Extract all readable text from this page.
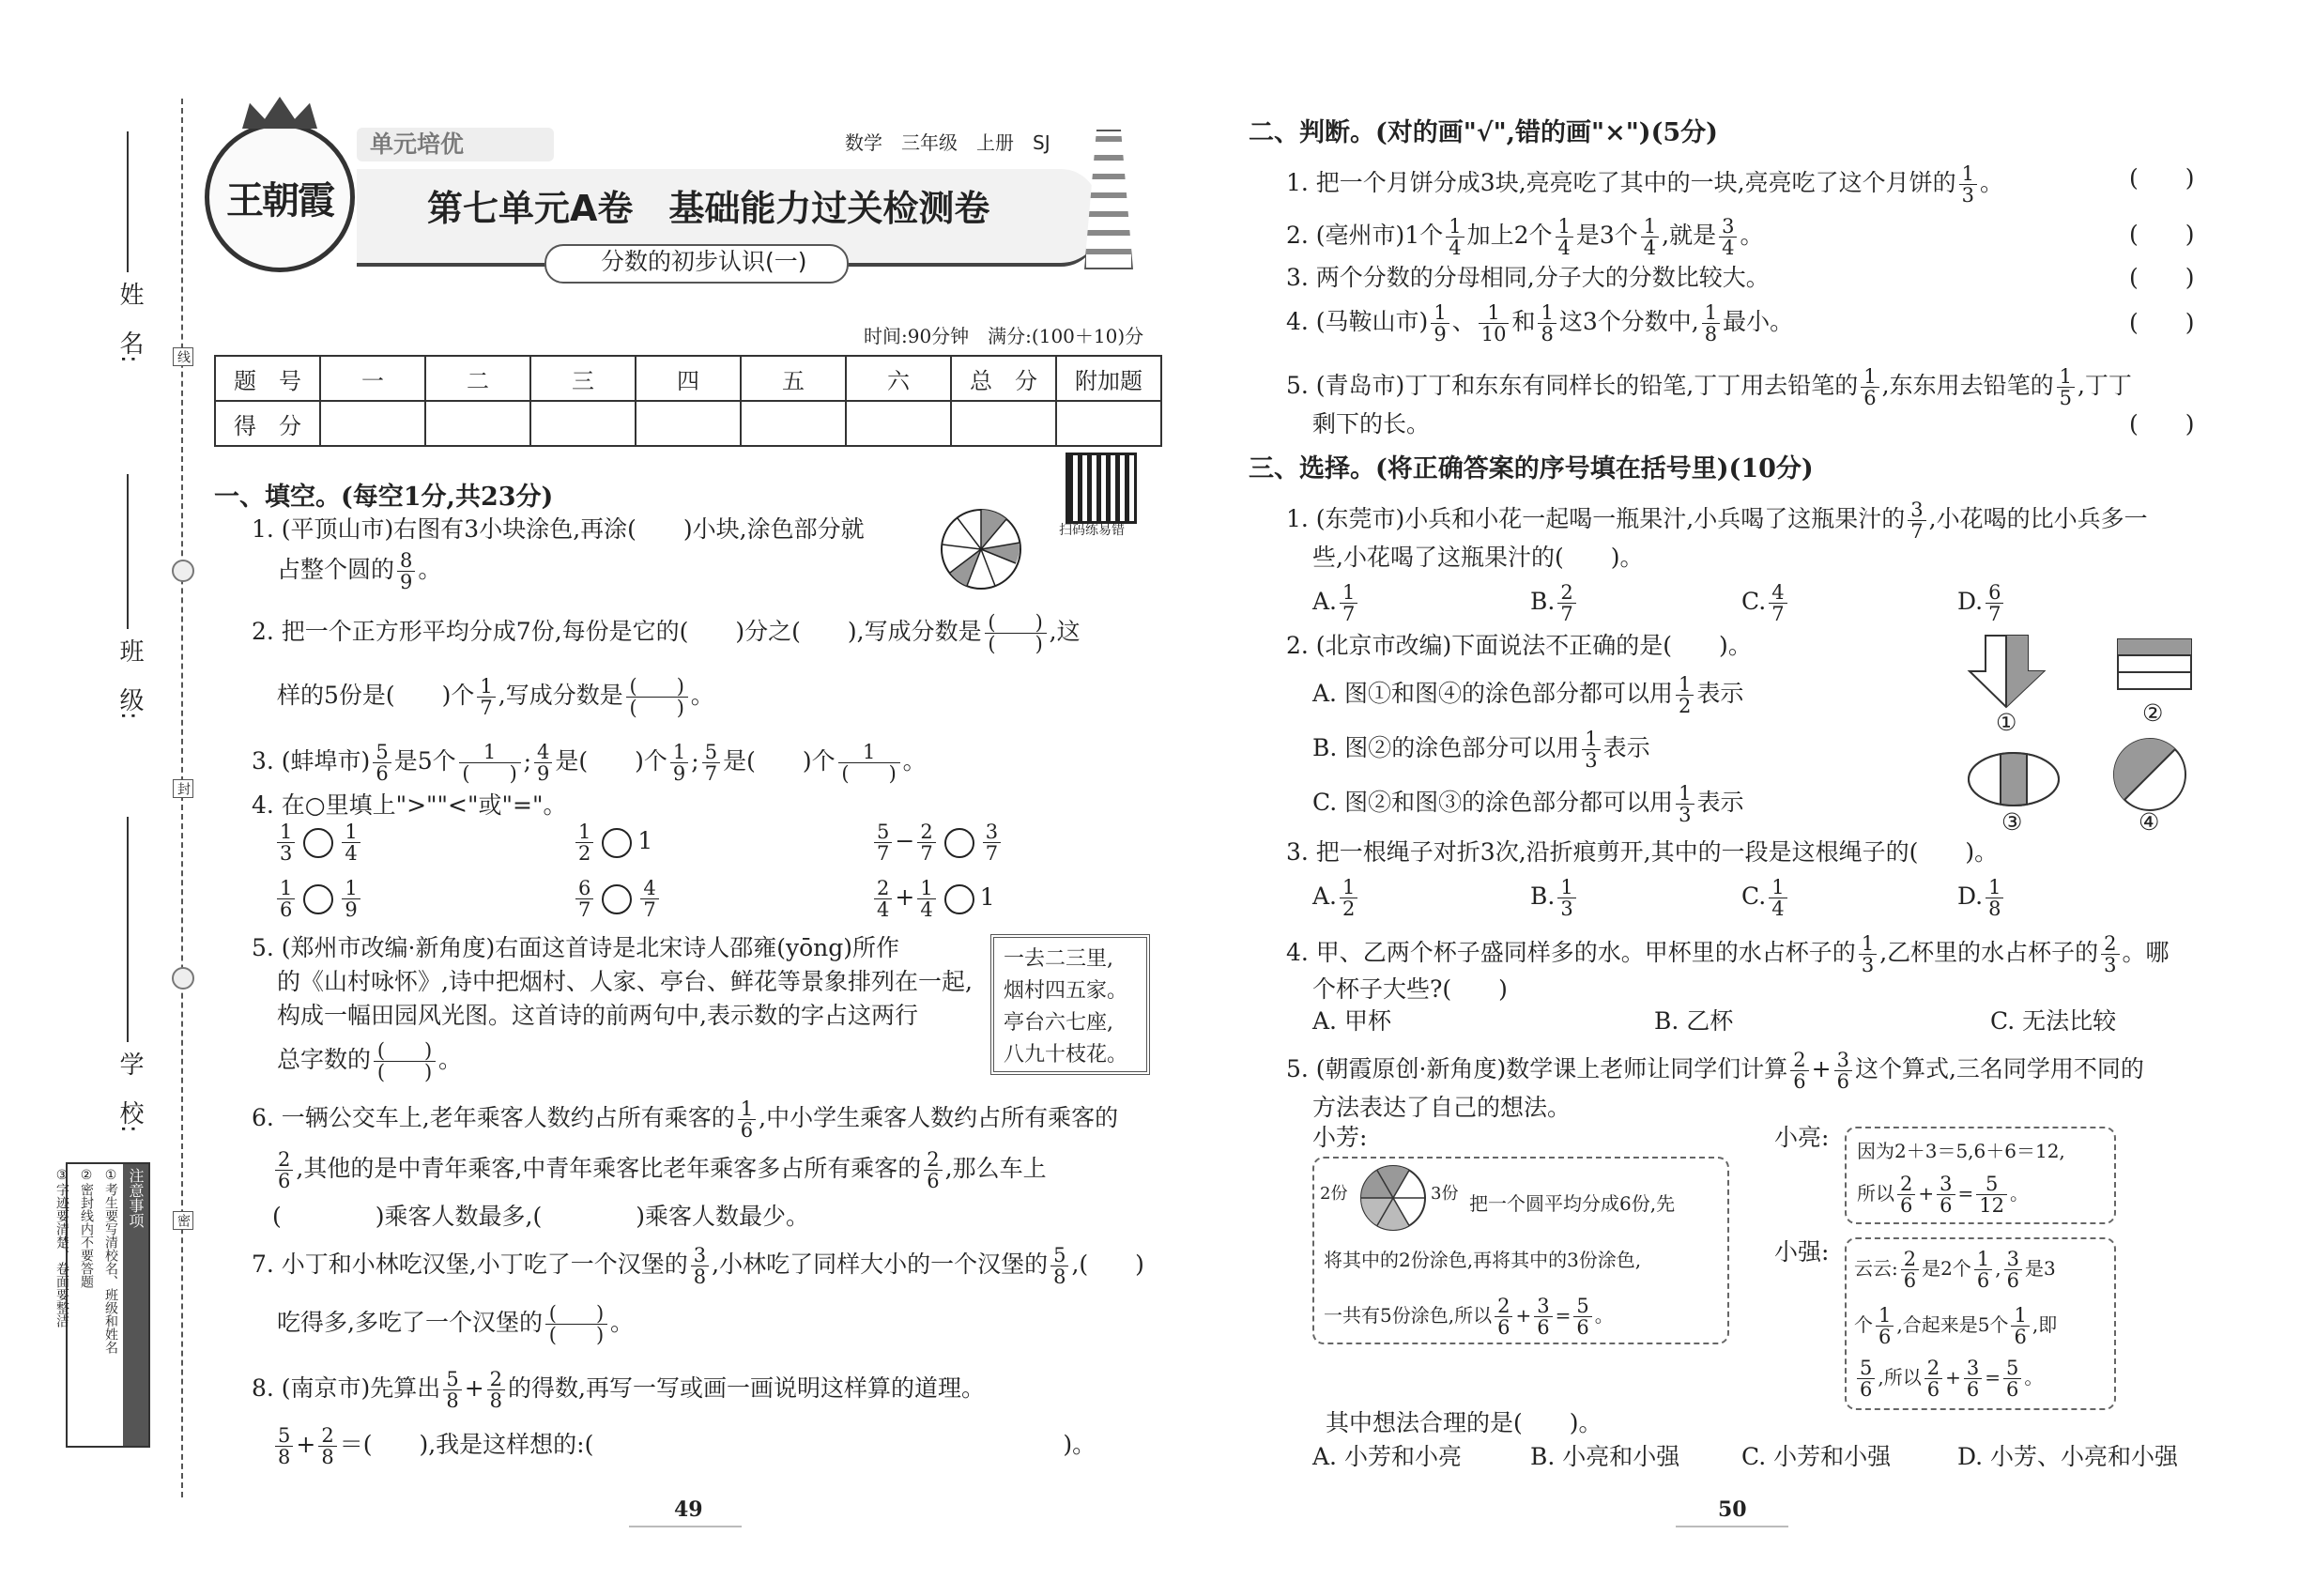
姓　名:
班　级:
学　校:
线
封
密
注意事项
①考生要写清校名、班级和姓名
②密封线内不要答题
③字迹要清楚、卷面要整洁
王朝霞
单元培优	数学　三年级　上册　SJ
第七单元A卷　基础能力过关检测卷
分数的初步认识(一)
时间:90分钟　满分:(100＋10)分
题　号	一	二	三	四	五	六	总　分	附加题
得　分								
扫码练易错
一、填空。(每空1分,共23分)
1. (平顶山市)右图有3小块涂色,再涂(　　)小块,涂色部分就
占整个圆的 $\frac{8}{9}$ 。
2. 把一个正方形平均分成7份,每份是它的(　　)分之(　　),写成分数是 $\frac{( )}{( )}$ ,这
样的5份是(　　)个 $\frac{1}{7}$ ,写成分数是 $\frac{( )}{( )}$ 。
3. (蚌埠市) $\frac{5}{6}$ 是5个 $\frac{1}{( )}$ ; $\frac{4}{9}$ 是(　　)个 $\frac{1}{9}$ ; $\frac{5}{7}$ 是(　　)个 $\frac{1}{( )}$ 。
4. 在○里填上">""<"或"="。
$\frac{1}{3} \frac{1}{4}$	$\frac{1}{2} 1$	$\frac{5}{7} - \frac{2}{7} \frac{3}{7}$
$\frac{1}{6} \frac{1}{9}$	$\frac{6}{7} \frac{4}{7}$	$\frac{2}{4} + \frac{1}{4} 1$
5. (郑州市改编·新角度)右面这首诗是北宋诗人邵雍(yōng)所作
的《山村咏怀》,诗中把烟村、人家、亭台、鲜花等景象排列在一起,
构成一幅田园风光图。这首诗的前两句中,表示数的字占这两行
总字数的 $\frac{( )}{( )}$ 。
一去二三里,
烟村四五家。
亭台六七座,
八九十枝花。
6. 一辆公交车上,老年乘客人数约占所有乘客的 $\frac{1}{6}$ ,中小学生乘客人数约占所有乘客的
$\frac{2}{6}$ ,其他的是中青年乘客,中青年乘客比老年乘客多占所有乘客的 $\frac{2}{6}$ ,那么车上
(　　　　)乘客人数最多,(　　　　)乘客人数最少。
7. 小丁和小林吃汉堡,小丁吃了一个汉堡的 $\frac{3}{8}$ ,小林吃了同样大小的一个汉堡的 $\frac{5}{8}$ ,(　　)
吃得多,多吃了一个汉堡的 $\frac{( )}{( )}$ 。
8. (南京市)先算出 $\frac{5}{8} + \frac{2}{8}$ 的得数,再写一写或画一画说明这样算的道理。
$\frac{5}{8} + \frac{2}{8}$ ＝(　　),我是这样想的:(	)。
49
二、判断。(对的画"√",错的画"×")(5分)
1. 把一个月饼分成3块,亮亮吃了其中的一块,亮亮吃了这个月饼的 $\frac{1}{3}$ 。
2. (亳州市)1个 $\frac{1}{4}$ 加上2个 $\frac{1}{4}$ 是3个 $\frac{1}{4}$ ,就是 $\frac{3}{4}$ 。
3. 两个分数的分母相同,分子大的分数比较大。
4. (马鞍山市) $\frac{1}{9}$ 、 $\frac{1}{10}$ 和 $\frac{1}{8}$ 这3个分数中, $\frac{1}{8}$ 最小。
5. (青岛市)丁丁和东东有同样长的铅笔,丁丁用去铅笔的 $\frac{1}{6}$ ,东东用去铅笔的 $\frac{1}{5}$ ,丁丁
剩下的长。
(　　)
(　　)
(　　)
(　　)
(　　)
三、选择。(将正确答案的序号填在括号里)(10分)
1. (东莞市)小兵和小花一起喝一瓶果汁,小兵喝了这瓶果汁的 $\frac{3}{7}$ ,小花喝的比小兵多一
些,小花喝了这瓶果汁的(　　)。
A. $\frac{1}{7}$	B. $\frac{2}{7}$	C. $\frac{4}{7}$	D. $\frac{6}{7}$
2. (北京市改编)下面说法不正确的是(　　)。
A. 图①和图④的涂色部分都可以用 $\frac{1}{2}$ 表示
B. 图②的涂色部分可以用 $\frac{1}{3}$ 表示
C. 图②和图③的涂色部分都可以用 $\frac{1}{3}$ 表示
①	②
③	④
3. 把一根绳子对折3次,沿折痕剪开,其中的一段是这根绳子的(　　)。
A. $\frac{1}{2}$	B. $\frac{1}{3}$	C. $\frac{1}{4}$	D. $\frac{1}{8}$
4. 甲、乙两个杯子盛同样多的水。甲杯里的水占杯子的 $\frac{1}{3}$ ,乙杯里的水占杯子的 $\frac{2}{3}$ 。哪
个杯子大些?(　　)
A. 甲杯	B. 乙杯	C. 无法比较
5. (朝霞原创·新角度)数学课上老师让同学们计算 $\frac{2}{6} + \frac{3}{6}$ 这个算式,三名同学用不同的
方法表达了自己的想法。
小芳:
2份	3份 把一个圆平均分成6份,先
将其中的2份涂色,再将其中的3份涂色,
一共有5份涂色,所以 $\frac{2}{6} + \frac{3}{6} = \frac{5}{6}$ 。
小亮: 因为2＋3＝5,6＋6＝12,
所以 $\frac{2}{6} + \frac{3}{6} = \frac{5}{12}$ 。
小强:
云云: $\frac{2}{6}$ 是2个 $\frac{1}{6}$ , $\frac{3}{6}$ 是3
个 $\frac{1}{6}$ ,合起来是5个 $\frac{1}{6}$ ,即
$\frac{5}{6}$ ,所以 $\frac{2}{6} + \frac{3}{6} = \frac{5}{6}$ 。
其中想法合理的是(　　)。
A. 小芳和小亮	B. 小亮和小强	C. 小芳和小强	D. 小芳、小亮和小强
50
